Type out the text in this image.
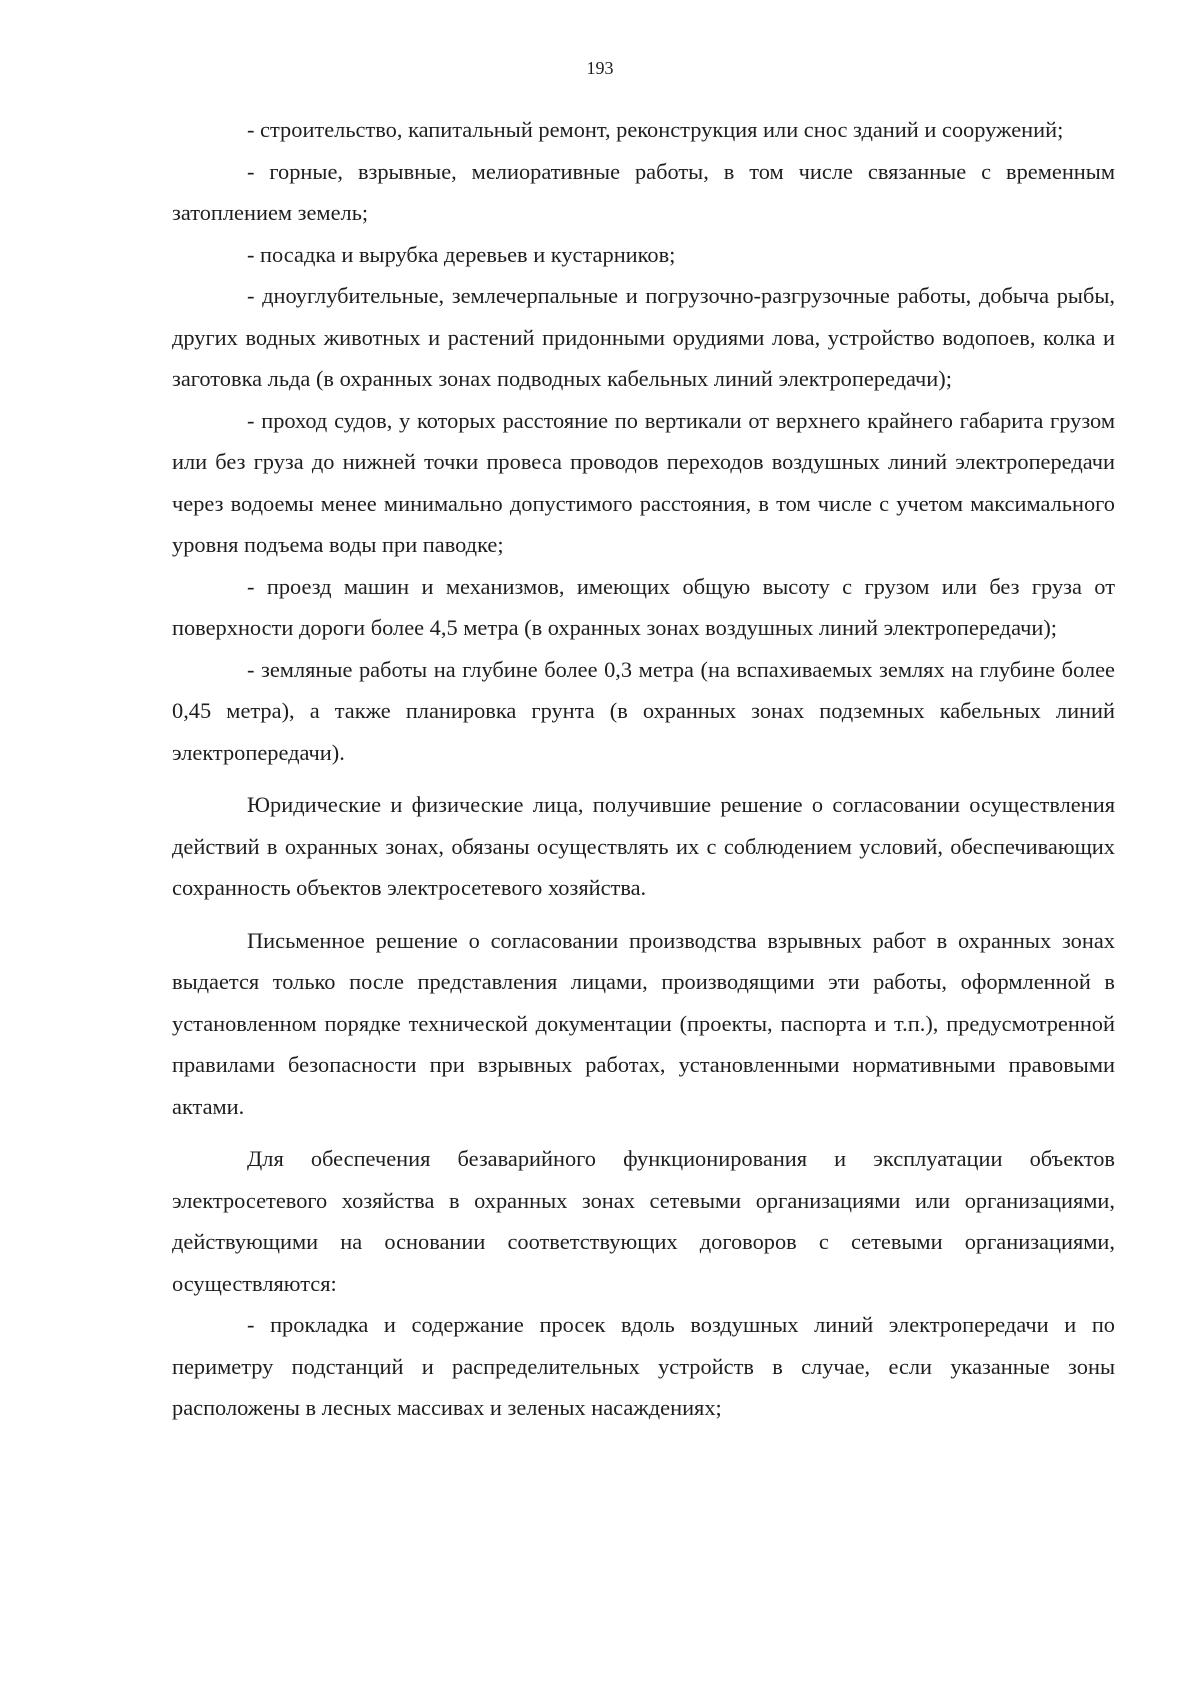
193

- строительство, капитальный ремонт, реконструкция или снос зданий и сооружений;

- горные, взрывные, мелиоративные работы, в том числе связанные с временным затоплением земель;

- посадка и вырубка деревьев и кустарников;

- дноуглубительные, землечерпальные и погрузочно-разгрузочные работы, добыча рыбы, других водных животных и растений придонными орудиями лова, устройство водопоев, колка и заготовка льда (в охранных зонах подводных кабельных линий электропередачи);

- проход судов, у которых расстояние по вертикали от верхнего крайнего габарита грузом или без груза до нижней точки провеса проводов переходов воздушных линий электропередачи через водоемы менее минимально допустимого расстояния, в том числе с учетом максимального уровня подъема воды при паводке;

- проезд машин и механизмов, имеющих общую высоту с грузом или без груза от поверхности дороги более 4,5 метра (в охранных зонах воздушных линий электропередачи);

- земляные работы на глубине более 0,3 метра (на вспахиваемых землях на глубине более 0,45 метра), а также планировка грунта (в охранных зонах подземных кабельных линий электропередачи).

Юридические и физические лица, получившие решение о согласовании осуществления действий в охранных зонах, обязаны осуществлять их с соблюдением условий, обеспечивающих сохранность объектов электросетевого хозяйства.

Письменное решение о согласовании производства взрывных работ в охранных зонах выдается только после представления лицами, производящими эти работы, оформленной в установленном порядке технической документации (проекты, паспорта и т.п.), предусмотренной правилами безопасности при взрывных работах, установленными нормативными правовыми актами.

Для обеспечения безаварийного функционирования и эксплуатации объектов электросетевого хозяйства в охранных зонах сетевыми организациями или организациями, действующими на основании соответствующих договоров с сетевыми организациями, осуществляются:

- прокладка и содержание просек вдоль воздушных линий электропередачи и по периметру подстанций и распределительных устройств в случае, если указанные зоны расположены в лесных массивах и зеленых насаждениях;
